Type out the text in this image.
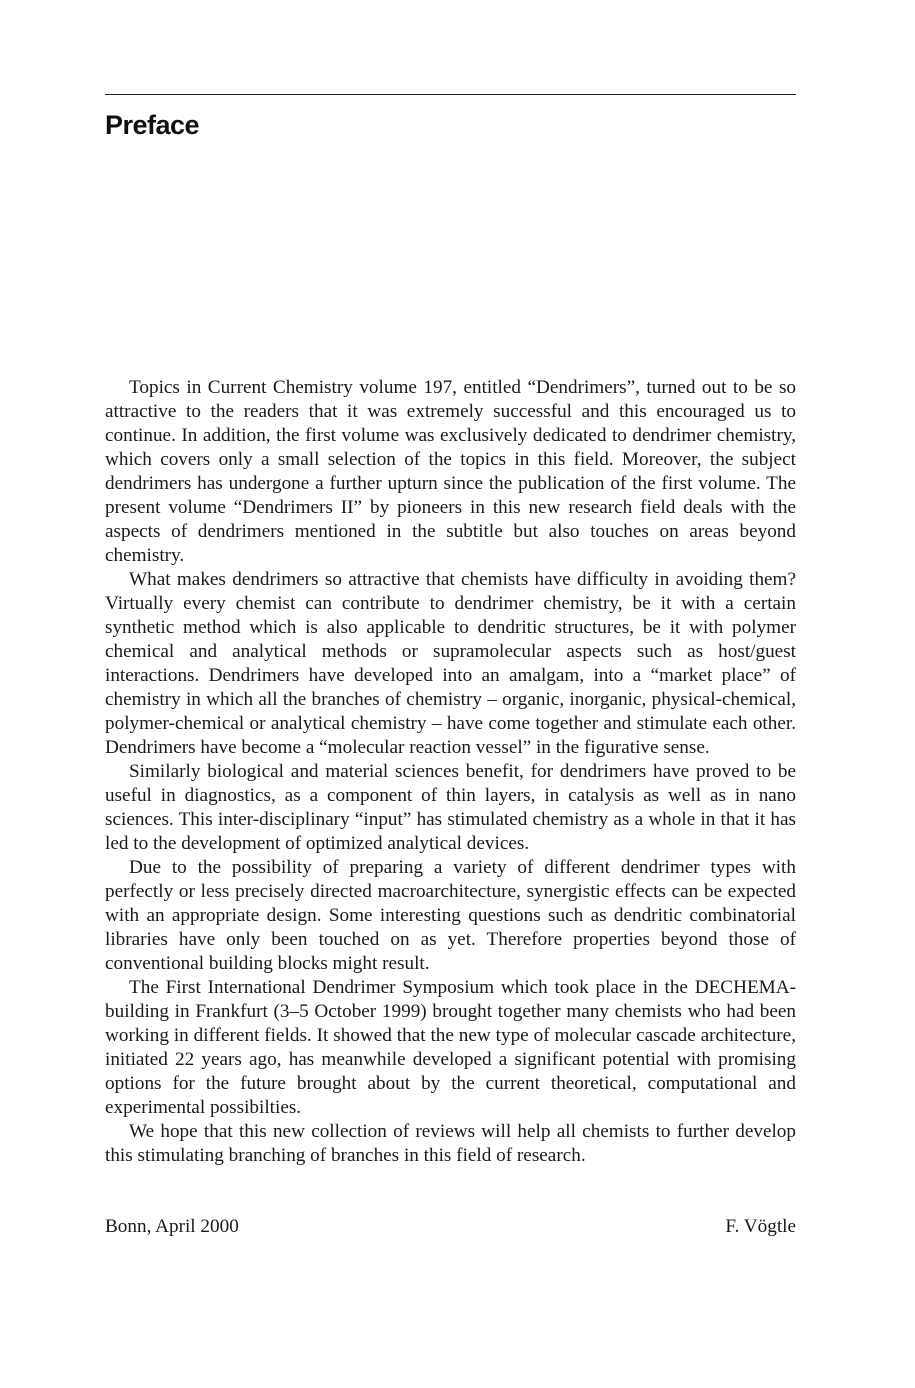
Preface

Topics in Current Chemistry volume 197, entitled “Dendrimers”, turned out to be so attractive to the readers that it was extremely successful and this encouraged us to continue. In addition, the first volume was exclusively dedicated to dendrimer chemistry, which covers only a small selection of the topics in this field. Moreover, the subject dendrimers has undergone a further upturn since the publication of the first volume. The present volume “Dendrimers II” by pioneers in this new research field deals with the aspects of dendrimers mentioned in the subtitle but also touches on areas beyond chemistry.

What makes dendrimers so attractive that chemists have difficulty in avoiding them? Virtually every chemist can contribute to dendrimer chemistry, be it with a certain synthetic method which is also applicable to dendritic structures, be it with polymer chemical and analytical methods or supramolecular aspects such as host/guest interactions. Dendrimers have developed into an amalgam, into a “market place” of chemistry in which all the branches of chemistry – organic, inorganic, physical-chemical, polymer-chemical or analytical chemistry – have come together and stimulate each other. Dendrimers have become a “molecular reaction vessel” in the figurative sense.

Similarly biological and material sciences benefit, for dendrimers have proved to be useful in diagnostics, as a component of thin layers, in catalysis as well as in nano sciences. This inter-disciplinary “input” has stimulated chemistry as a whole in that it has led to the development of optimized analytical devices.

Due to the possibility of preparing a variety of different dendrimer types with perfectly or less precisely directed macroarchitecture, synergistic effects can be expected with an appropriate design. Some interesting questions such as dendritic combinatorial libraries have only been touched on as yet. Therefore properties beyond those of conventional building blocks might result.

The First International Dendrimer Symposium which took place in the DECHEMA-building in Frankfurt (3–5 October 1999) brought together many chemists who had been working in different fields. It showed that the new type of molecular cascade architecture, initiated 22 years ago, has meanwhile developed a significant potential with promising options for the future brought about by the current theoretical, computational and experimental possibilties.

We hope that this new collection of reviews will help all chemists to further develop this stimulating branching of branches in this field of research.

Bonn, April 2000	F. Vögtle
